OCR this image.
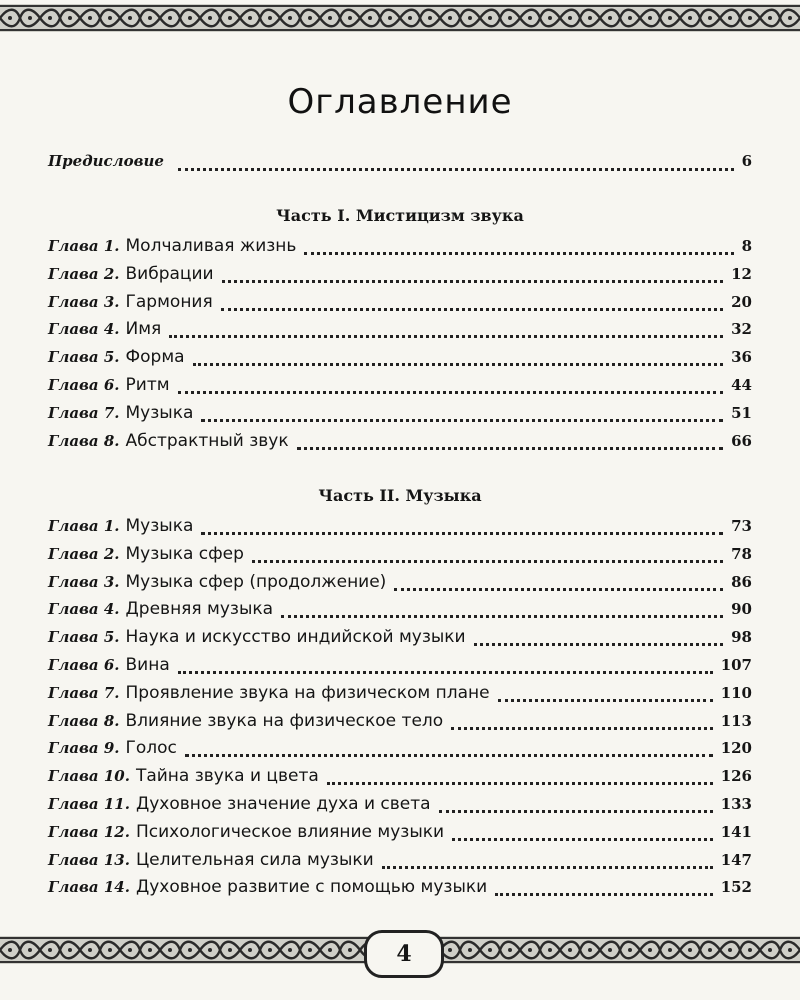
Оглавление
Предисловие	6
Часть I. Мистицизм звука
Глава 1. Молчаливая жизнь	8
Глава 2. Вибрации	12
Глава 3. Гармония	20
Глава 4. Имя	32
Глава 5. Форма	36
Глава 6. Ритм	44
Глава 7. Музыка	51
Глава 8. Абстрактный звук	66
Часть II. Музыка
Глава 1. Музыка	73
Глава 2. Музыка сфер	78
Глава 3. Музыка сфер (продолжение)	86
Глава 4. Древняя музыка	90
Глава 5. Наука и искусство индийской музыки	98
Глава 6. Вина	107
Глава 7. Проявление звука на физическом плане	110
Глава 8. Влияние звука на физическое тело	113
Глава 9. Голос	120
Глава 10. Тайна звука и цвета	126
Глава 11. Духовное значение духа и света	133
Глава 12. Психологическое влияние музыки	141
Глава 13. Целительная сила музыки	147
Глава 14. Духовное развитие с помощью музыки	152
4
